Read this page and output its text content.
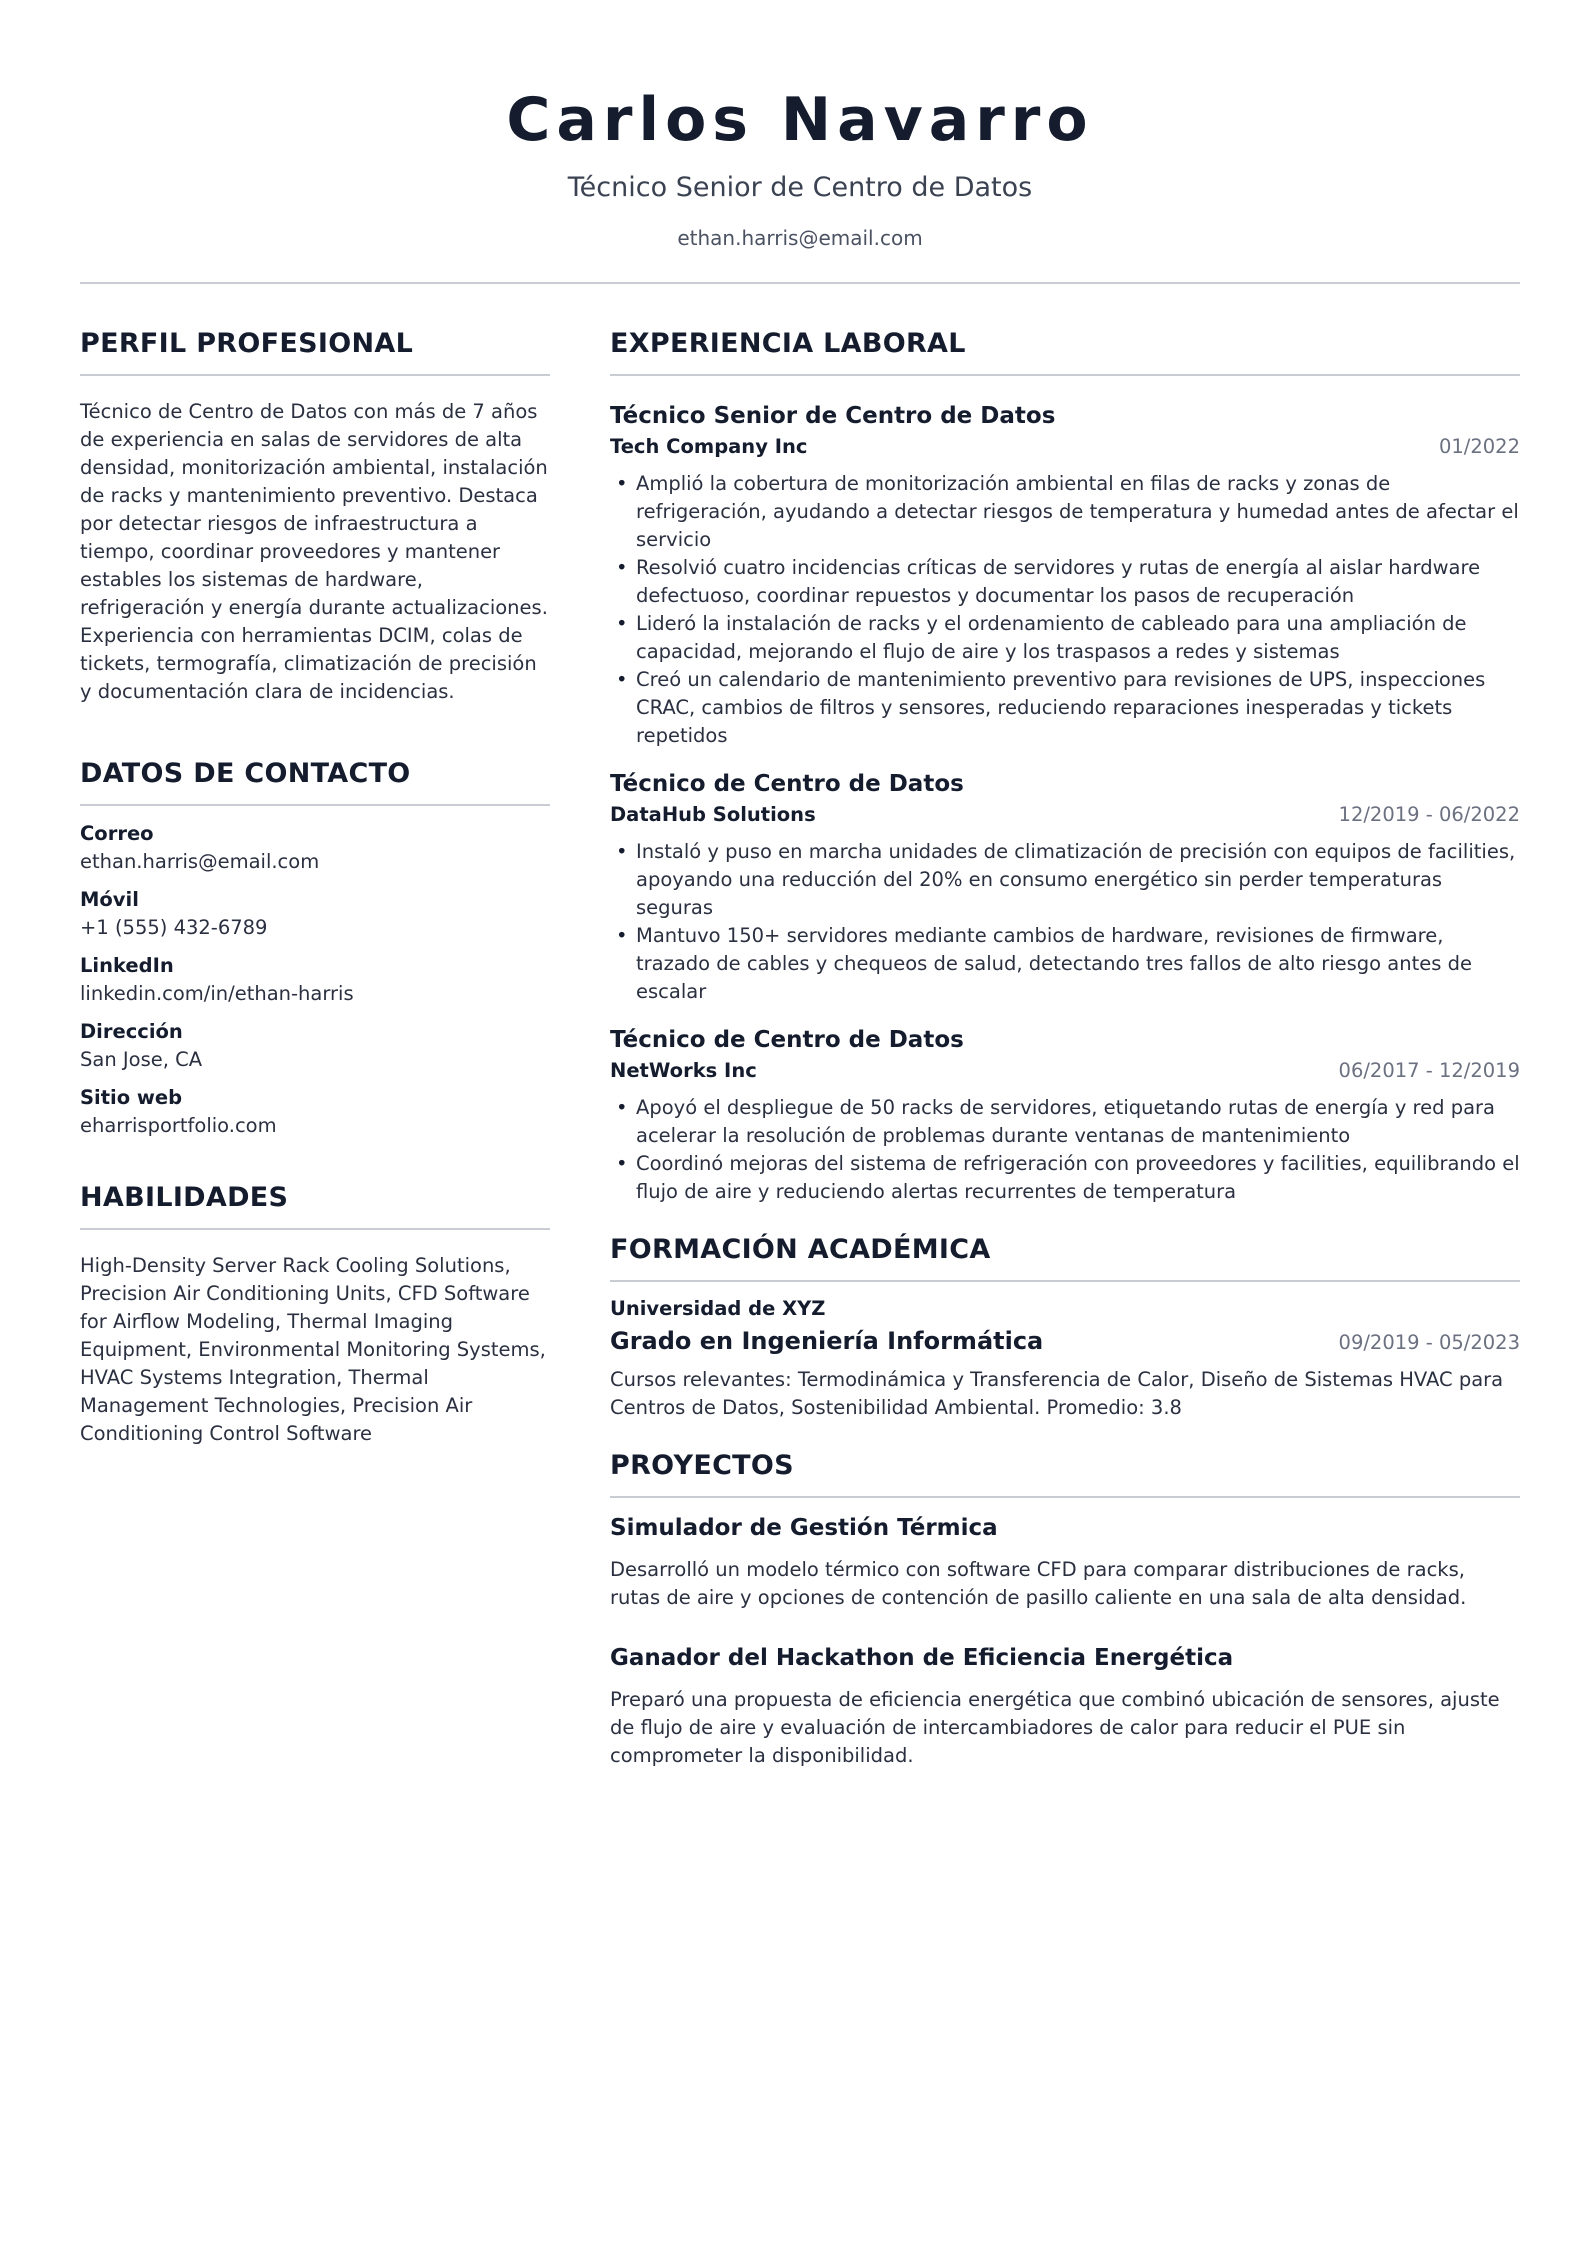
Carlos Navarro
Técnico Senior de Centro de Datos
ethan.harris@email.com
PERFIL PROFESIONAL
Técnico de Centro de Datos con más de 7 años de experiencia en salas de servidores de alta densidad, monitorización ambiental, instalación de racks y mantenimiento preventivo. Destaca por detectar riesgos de infraestructura a tiempo, coordinar proveedores y mantener estables los sistemas de hardware, refrigeración y energía durante actualizaciones. Experiencia con herramientas DCIM, colas de tickets, termografía, climatización de precisión y documentación clara de incidencias.
DATOS DE CONTACTO
Correo
ethan.harris@email.com
Móvil
+1 (555) 432-6789
LinkedIn
linkedin.com/in/ethan-harris
Dirección
San Jose, CA
Sitio web
eharrisportfolio.com
HABILIDADES
High-Density Server Rack Cooling Solutions, Precision Air Conditioning Units, CFD Software for Airflow Modeling, Thermal Imaging Equipment, Environmental Monitoring Systems, HVAC Systems Integration, Thermal Management Technologies, Precision Air Conditioning Control Software
EXPERIENCIA LABORAL
Técnico Senior de Centro de Datos
Tech Company Inc	01/2022
• Amplió la cobertura de monitorización ambiental en filas de racks y zonas de refrigeración, ayudando a detectar riesgos de temperatura y humedad antes de afectar el servicio
• Resolvió cuatro incidencias críticas de servidores y rutas de energía al aislar hardware defectuoso, coordinar repuestos y documentar los pasos de recuperación
• Lideró la instalación de racks y el ordenamiento de cableado para una ampliación de capacidad, mejorando el flujo de aire y los traspasos a redes y sistemas
• Creó un calendario de mantenimiento preventivo para revisiones de UPS, inspecciones CRAC, cambios de filtros y sensores, reduciendo reparaciones inesperadas y tickets repetidos
Técnico de Centro de Datos
DataHub Solutions	12/2019 - 06/2022
• Instaló y puso en marcha unidades de climatización de precisión con equipos de facilities, apoyando una reducción del 20% en consumo energético sin perder temperaturas seguras
• Mantuvo 150+ servidores mediante cambios de hardware, revisiones de firmware, trazado de cables y chequeos de salud, detectando tres fallos de alto riesgo antes de escalar
Técnico de Centro de Datos
NetWorks Inc	06/2017 - 12/2019
• Apoyó el despliegue de 50 racks de servidores, etiquetando rutas de energía y red para acelerar la resolución de problemas durante ventanas de mantenimiento
• Coordinó mejoras del sistema de refrigeración con proveedores y facilities, equilibrando el flujo de aire y reduciendo alertas recurrentes de temperatura
FORMACIÓN ACADÉMICA
Universidad de XYZ
Grado en Ingeniería Informática	09/2019 - 05/2023
Cursos relevantes: Termodinámica y Transferencia de Calor, Diseño de Sistemas HVAC para Centros de Datos, Sostenibilidad Ambiental. Promedio: 3.8
PROYECTOS
Simulador de Gestión Térmica
Desarrolló un modelo térmico con software CFD para comparar distribuciones de racks, rutas de aire y opciones de contención de pasillo caliente en una sala de alta densidad.
Ganador del Hackathon de Eficiencia Energética
Preparó una propuesta de eficiencia energética que combinó ubicación de sensores, ajuste de flujo de aire y evaluación de intercambiadores de calor para reducir el PUE sin comprometer la disponibilidad.
